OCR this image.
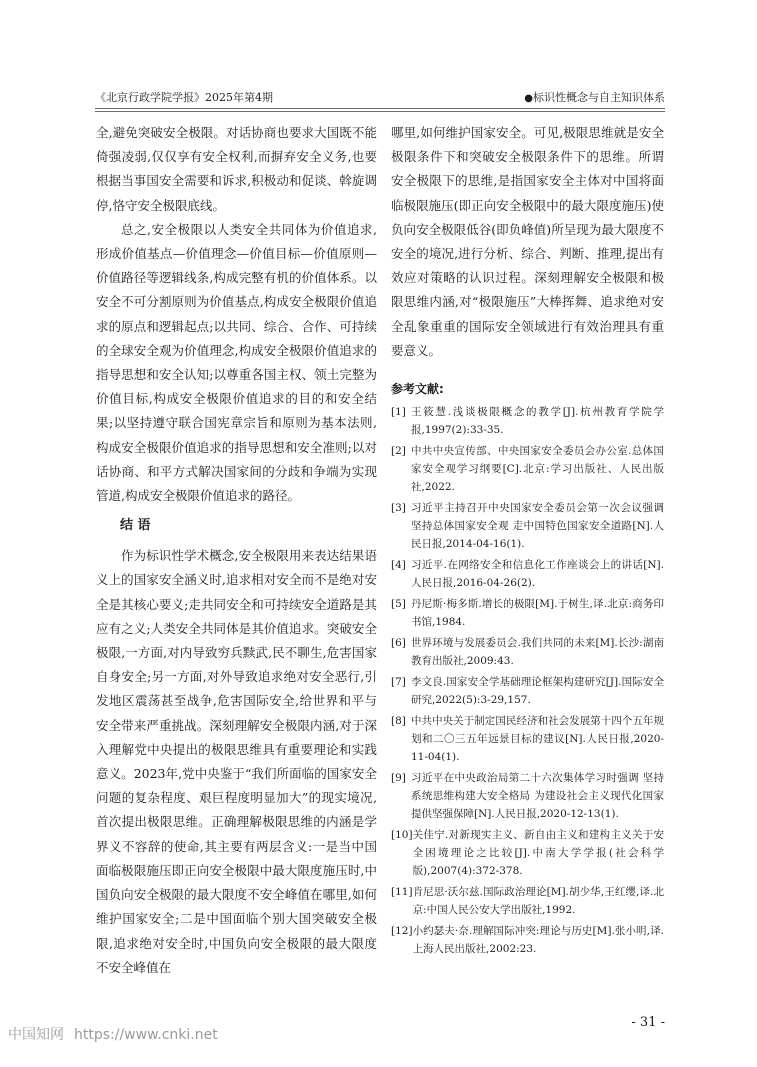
《北京行政学院学报》2025年第4期	●标识性概念与自主知识体系

全,避免突破安全极限。对话协商也要求大国既不能倚强凌弱,仅仅享有安全权利,而摒弃安全义务,也要根据当事国安全需要和诉求,积极动和促谈、斡旋调停,恪守安全极限底线。

总之,安全极限以人类安全共同体为价值追求,形成价值基点—价值理念—价值目标—价值原则—价值路径等逻辑线条,构成完整有机的价值体系。以安全不可分割原则为价值基点,构成安全极限价值追求的原点和逻辑起点;以共同、综合、合作、可持续的全球安全观为价值理念,构成安全极限价值追求的指导思想和安全认知;以尊重各国主权、领土完整为价值目标,构成安全极限价值追求的目的和安全结果;以坚持遵守联合国宪章宗旨和原则为基本法则,构成安全极限价值追求的指导思想和安全准则;以对话协商、和平方式解决国家间的分歧和争端为实现管道,构成安全极限价值追求的路径。

结 语

作为标识性学术概念,安全极限用来表达结果语义上的国家安全涵义时,追求相对安全而不是绝对安全是其核心要义;走共同安全和可持续安全道路是其应有之义;人类安全共同体是其价值追求。突破安全极限,一方面,对内导致穷兵黩武,民不聊生,危害国家自身安全;另一方面,对外导致追求绝对安全恶行,引发地区震荡甚至战争,危害国际安全,给世界和平与安全带来严重挑战。深刻理解安全极限内涵,对于深入理解党中央提出的极限思维具有重要理论和实践意义。2023年,党中央鉴于“我们所面临的国家安全问题的复杂程度、艰巨程度明显加大”的现实境况,首次提出极限思维。正确理解极限思维的内涵是学界义不容辞的使命,其主要有两层含义:一是当中国面临极限施压即正向安全极限中最大限度施压时,中国负向安全极限的最大限度不安全峰值在哪里,如何维护国家安全;二是中国面临个别大国突破安全极限,追求绝对安全时,中国负向安全极限的最大限度不安全峰值在

哪里,如何维护国家安全。可见,极限思维就是安全极限条件下和突破安全极限条件下的思维。所谓安全极限下的思维,是指国家安全主体对中国将面临极限施压(即正向安全极限中的最大限度施压)使负向安全极限低谷(即负峰值)所呈现为最大限度不安全的境况,进行分析、综合、判断、推理,提出有效应对策略的认识过程。深刻理解安全极限和极限思维内涵,对“极限施压”大棒挥舞、追求绝对安全乱象重重的国际安全领域进行有效治理具有重要意义。

参考文献:
[1] 王筱慧.浅谈极限概念的教学[J].杭州教育学院学报,1997(2):33-35.
[2] 中共中央宣传部、中央国家安全委员会办公室.总体国家安全观学习纲要[C].北京:学习出版社、人民出版社,2022.
[3] 习近平主持召开中央国家安全委员会第一次会议强调 坚持总体国家安全观 走中国特色国家安全道路[N].人民日报,2014-04-16(1).
[4] 习近平.在网络安全和信息化工作座谈会上的讲话[N].人民日报,2016-04-26(2).
[5] 丹尼斯·梅多斯.增长的极限[M].于树生,译.北京:商务印书馆,1984.
[6] 世界环境与发展委员会.我们共同的未来[M].长沙:湖南教育出版社,2009:43.
[7] 李文良.国家安全学基础理论框架构建研究[J].国际安全研究,2022(5):3-29,157.
[8] 中共中央关于制定国民经济和社会发展第十四个五年规划和二〇三五年远景目标的建议[N].人民日报,2020-11-04(1).
[9] 习近平在中央政治局第二十六次集体学习时强调 坚持系统思维构建大安全格局 为建设社会主义现代化国家提供坚强保障[N].人民日报,2020-12-13(1).
[10] 关佳宁.对新现实主义、新自由主义和建构主义关于安全困境理论之比较[J].中南大学学报(社会科学版),2007(4):372-378.
[11] 肯尼思·沃尔兹.国际政治理论[M].胡少华,王红缨,译.北京:中国人民公安大学出版社,1992.
[12] 小约瑟夫·奈.理解国际冲突:理论与历史[M].张小明,译.上海人民出版社,2002:23.
- 31 -
中国知网 https://www.cnki.net
